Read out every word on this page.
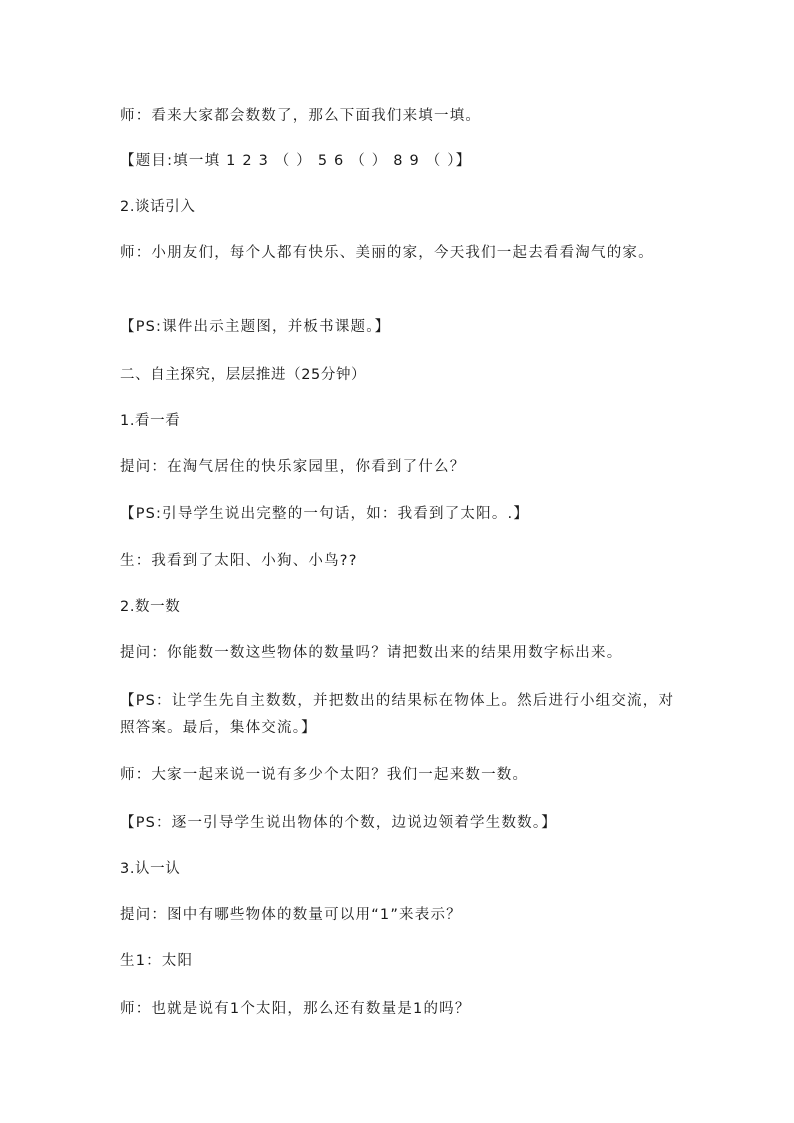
师：看来大家都会数数了，那么下面我们来填一填。
【题目:填一填 1 2 3 （ ） 5 6 （ ） 8 9 （ ）】
2.谈话引入
师：小朋友们，每个人都有快乐、美丽的家，今天我们一起去看看淘气的家。
【PS:课件出示主题图，并板书课题。】
二、自主探究，层层推进（25分钟）
1.看一看
提问：在淘气居住的快乐家园里，你看到了什么？
【PS:引导学生说出完整的一句话，如：我看到了太阳。.】
生：我看到了太阳、小狗、小鸟??
2.数一数
提问：你能数一数这些物体的数量吗？请把数出来的结果用数字标出来。
【PS：让学生先自主数数，并把数出的结果标在物体上。然后进行小组交流，对照答案。最后，集体交流。】
师：大家一起来说一说有多少个太阳？我们一起来数一数。
【PS：逐一引导学生说出物体的个数，边说边领着学生数数。】
3.认一认
提问：图中有哪些物体的数量可以用“1”来表示？
生1：太阳
师：也就是说有1个太阳，那么还有数量是1的吗？
